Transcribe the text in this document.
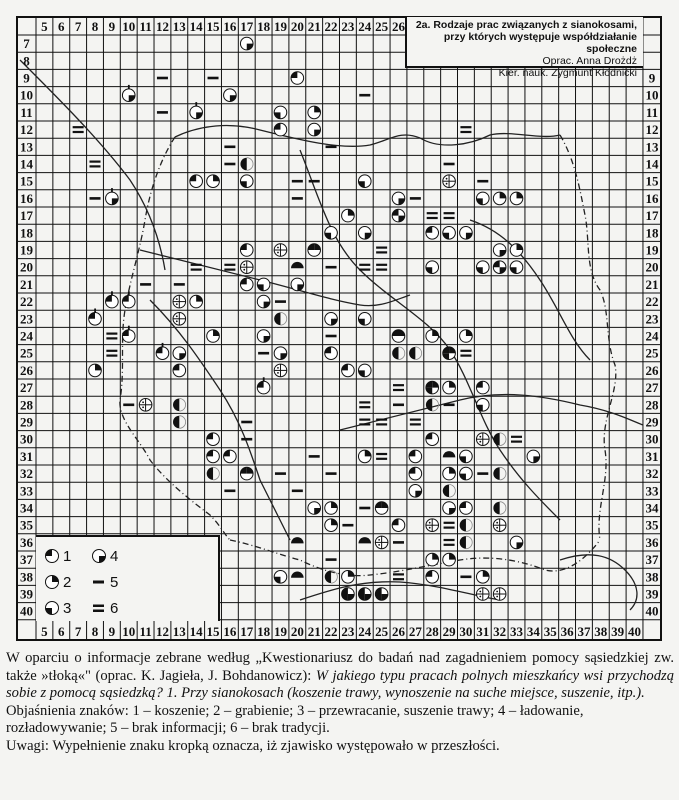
5 6 7 8 9 10 11 12 13 14 15 16 17 18 19 20 21 22 23 24 25 26
5 6 7 8 9 10 11 12 13 14 15 16 17 18 19 20 21 22 23 24 25 26 27 28 29 30 31 32 33 34 35 36 37 38 39 40
7
8
9
10
11
12
13
14
15
16
17
18
19
20
21
22
23
24
25
26
27
28
29
30
31
32
33
34
35
36
37
38
39
40
9
10
11
12
13
14
15
16
17
18
19
20
21
22
23
24
25
26
27
28
29
30
31
32
33
34
35
36
37
38
39
40
2a. Rodzaje prac związanych z sianokosami,
przy których występuje współdziałanie społeczne
Oprac. Anna Drożdż
Kier. nauk. Zygmunt Kłodnicki
1
2
3
4
5
6

W oparciu o informacje zebrane według „Kwestionariusz do badań nad zagadnieniem pomocy sąsiedzkiej zw. także »tłoką«" (oprac. K. Jagieła, J. Bohdanowicz): W jakiego typu pracach polnych mieszkańcy wsi przychodzą sobie z pomocą sąsiedzką? 1. Przy sianokosach (koszenie trawy, wynoszenie na suche miejsce, suszenie, itp.).

Objaśnienia znaków: 1 – koszenie; 2 – grabienie; 3 – przewracanie, suszenie trawy; 4 – ładowanie, rozładowywanie; 5 – brak informacji; 6 – brak tradycji.

Uwagi: Wypełnienie znaku kropką oznacza, iż zjawisko występowało w przeszłości.
